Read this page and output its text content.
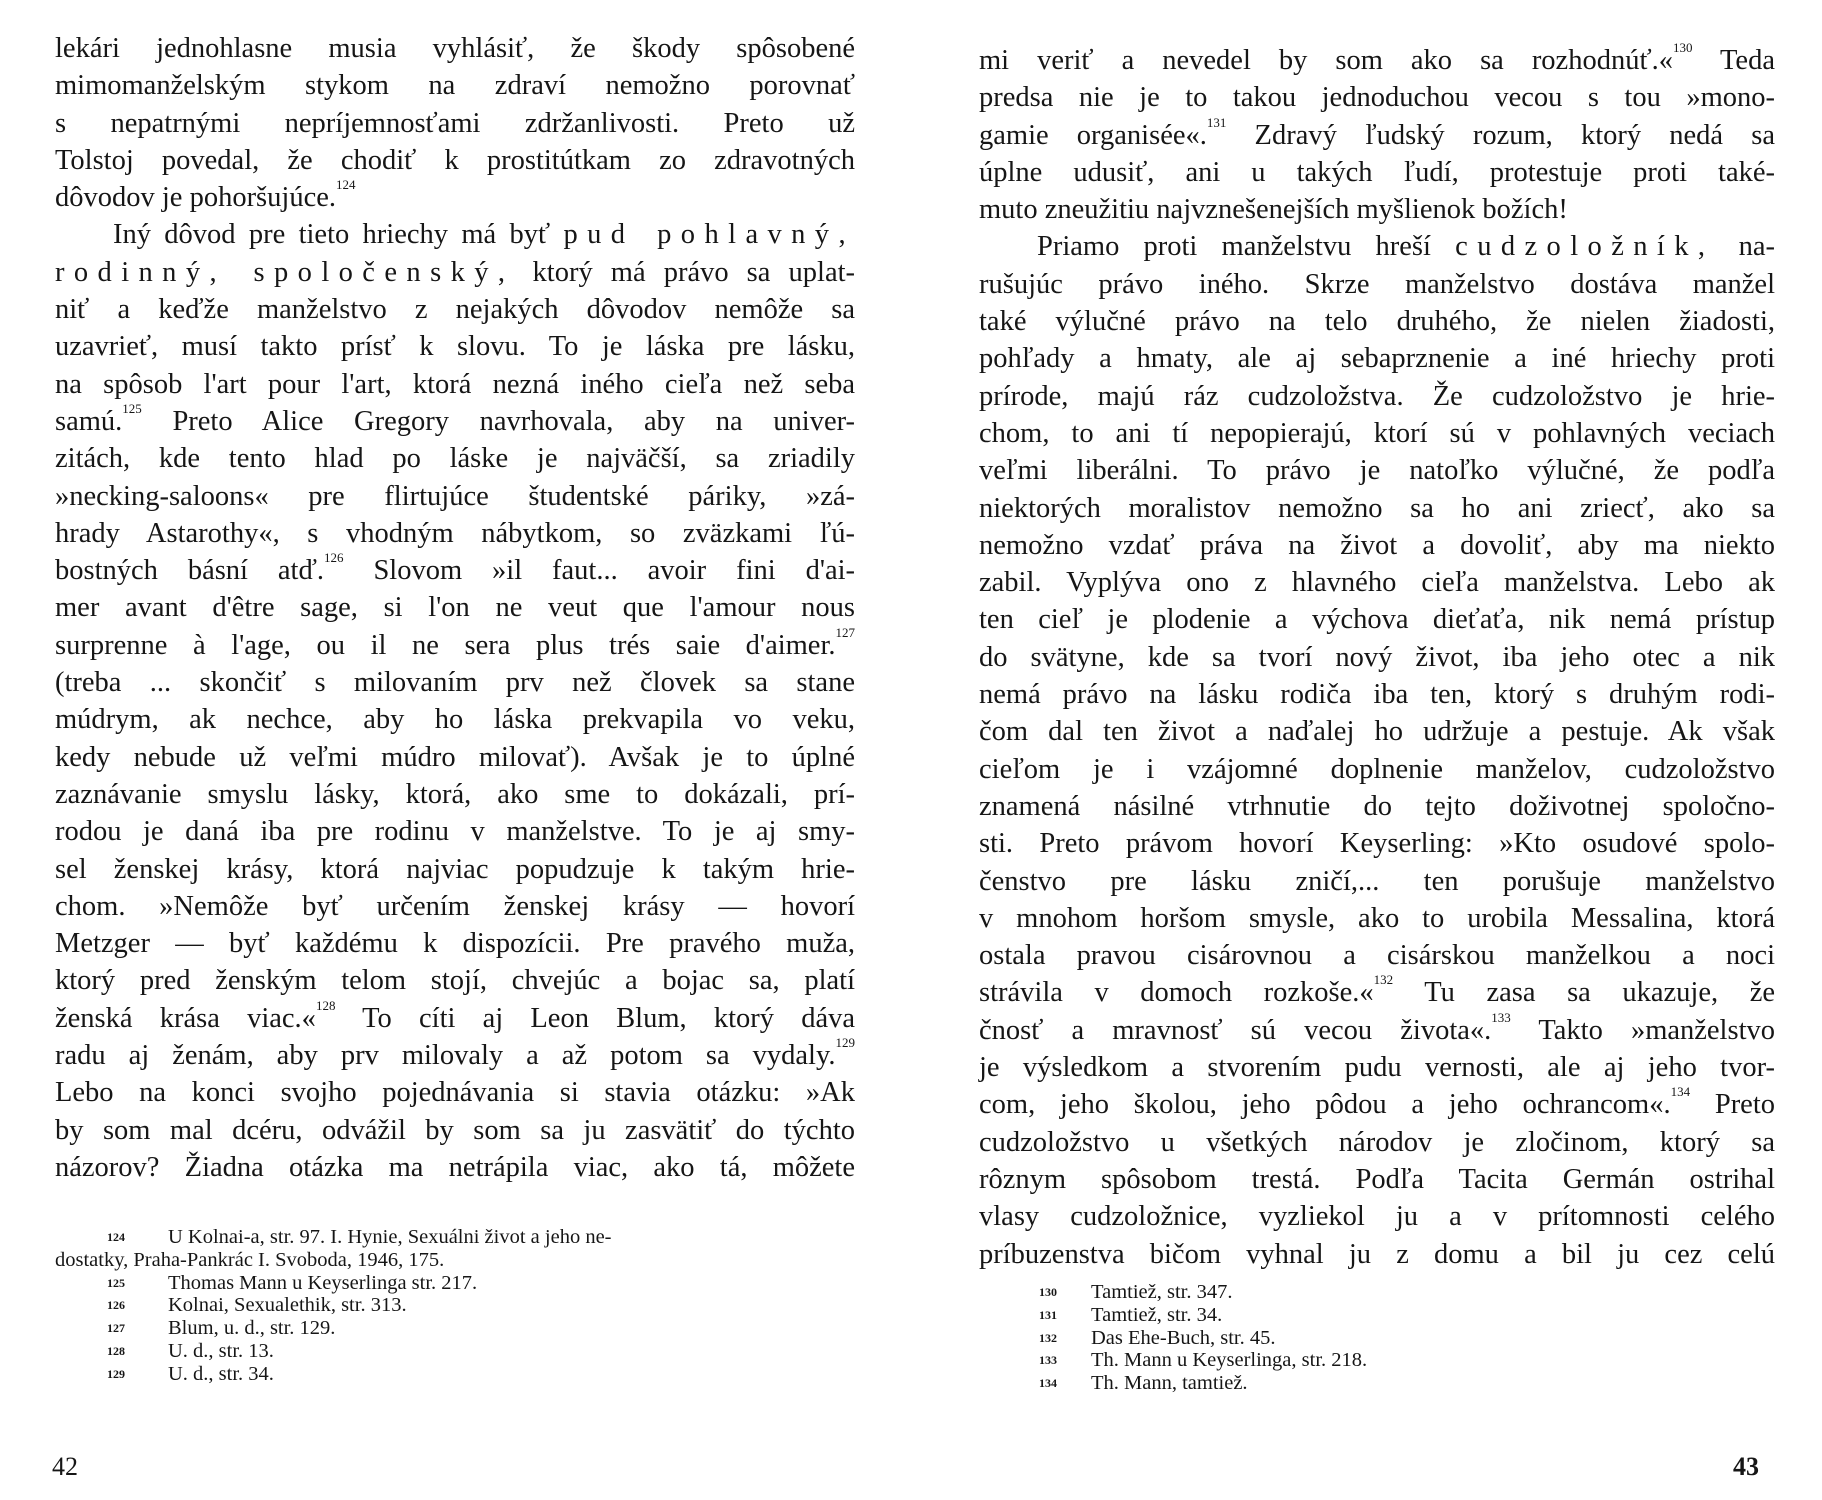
lekári jednohlasne musia vyhlásiť, že škody spôsobené
mimomanželským stykom na zdraví nemožno porovnať
s nepatrnými nepríjemnosťami zdržanlivosti. Preto už
Tolstoj povedal, že chodiť k prostitútkam zo zdravotných
dôvodov je pohoršujúce.$^{124}$
Iný dôvod pre tieto hriechy má byť pud pohlavný,
rodinný, spoločenský, ktorý má právo sa uplat-
niť a keďže manželstvo z nejakých dôvodov nemôže sa
uzavrieť, musí takto prísť k slovu. To je láska pre lásku,
na spôsob l'art pour l'art, ktorá nezná iného cieľa než seba
samú.$^{125}$ Preto Alice Gregory navrhovala, aby na univer-
zitách, kde tento hlad po láske je najväčší, sa zriadily
»necking-saloons« pre flirtujúce študentské páriky, »zá-
hrady Astarothy«, s vhodným nábytkom, so zväzkami ľú-
bostných básní atď.$^{126}$ Slovom »il faut... avoir fini d'ai-
mer avant d'être sage, si l'on ne veut que l'amour nous
surprenne à l'age, ou il ne sera plus trés saie d'aimer.$^{127}$
(treba ... skončiť s milovaním prv než človek sa stane
múdrym, ak nechce, aby ho láska prekvapila vo veku,
kedy nebude už veľmi múdro milovať). Avšak je to úplné
zaznávanie smyslu lásky, ktorá, ako sme to dokázali, prí-
rodou je daná iba pre rodinu v manželstve. To je aj smy-
sel ženskej krásy, ktorá najviac popudzuje k takým hrie-
chom. »Nemôže byť určením ženskej krásy — hovorí
Metzger — byť každému k dispozícii. Pre pravého muža,
ktorý pred ženským telom stojí, chvejúc a bojac sa, platí
ženská krása viac.«$^{128}$ To cíti aj Leon Blum, ktorý dáva
radu aj ženám, aby prv milovaly a až potom sa vydaly.$^{129}$
Lebo na konci svojho pojednávania si stavia otázku: »Ak
by som mal dcéru, odvážil by som sa ju zasvätiť do týchto
názorov? Žiadna otázka ma netrápila viac, ako tá, môžete
124 U Kolnai-a, str. 97. I. Hynie, Sexuálni život a jeho ne-
dostatky, Praha-Pankrác I. Svoboda, 1946, 175.
125 Thomas Mann u Keyserlinga str. 217.
126 Kolnai, Sexualethik, str. 313.
127 Blum, u. d., str. 129.
128 U. d., str. 13.
129 U. d., str. 34.
42
mi veriť a nevedel by som ako sa rozhodnúť.«$^{130}$ Teda
predsa nie je to takou jednoduchou vecou s tou »mono-
gamie organisée«.$^{131}$ Zdravý ľudský rozum, ktorý nedá sa
úplne udusiť, ani u takých ľudí, protestuje proti také-
muto zneužitiu najvznešenejších myšlienok božích!
Priamo proti manželstvu hreší cudzoložník, na-
rušujúc právo iného. Skrze manželstvo dostáva manžel
také výlučné právo na telo druhého, že nielen žiadosti,
pohľady a hmaty, ale aj sebaprznenie a iné hriechy proti
prírode, majú ráz cudzoložstva. Že cudzoložstvo je hrie-
chom, to ani tí nepopierajú, ktorí sú v pohlavných veciach
veľmi liberálni. To právo je natoľko výlučné, že podľa
niektorých moralistov nemožno sa ho ani zriecť, ako sa
nemožno vzdať práva na život a dovoliť, aby ma niekto
zabil. Vyplýva ono z hlavného cieľa manželstva. Lebo ak
ten cieľ je plodenie a výchova dieťaťa, nik nemá prístup
do svätyne, kde sa tvorí nový život, iba jeho otec a nik
nemá právo na lásku rodiča iba ten, ktorý s druhým rodi-
čom dal ten život a naďalej ho udržuje a pestuje. Ak však
cieľom je i vzájomné doplnenie manželov, cudzoložstvo
znamená násilné vtrhnutie do tejto doživotnej spoločno-
sti. Preto právom hovorí Keyserling: »Kto osudové spolo-
čenstvo pre lásku zničí,... ten porušuje manželstvo
v mnohom horšom smysle, ako to urobila Messalina, ktorá
ostala pravou cisárovnou a cisárskou manželkou a noci
strávila v domoch rozkoše.«$^{132}$ Tu zasa sa ukazuje, že
čnosť a mravnosť sú vecou života«.$^{133}$ Takto »manželstvo
je výsledkom a stvorením pudu vernosti, ale aj jeho tvor-
com, jeho školou, jeho pôdou a jeho ochrancom«.$^{134}$ Preto
cudzoložstvo u všetkých národov je zločinom, ktorý sa
rôznym spôsobom trestá. Podľa Tacita Germán ostrihal
vlasy cudzoložnice, vyzliekol ju a v prítomnosti celého
príbuzenstva bičom vyhnal ju z domu a bil ju cez celú
130 Tamtiež, str. 347.
131 Tamtiež, str. 34.
132 Das Ehe-Buch, str. 45.
133 Th. Mann u Keyserlinga, str. 218.
134 Th. Mann, tamtiež.
43
